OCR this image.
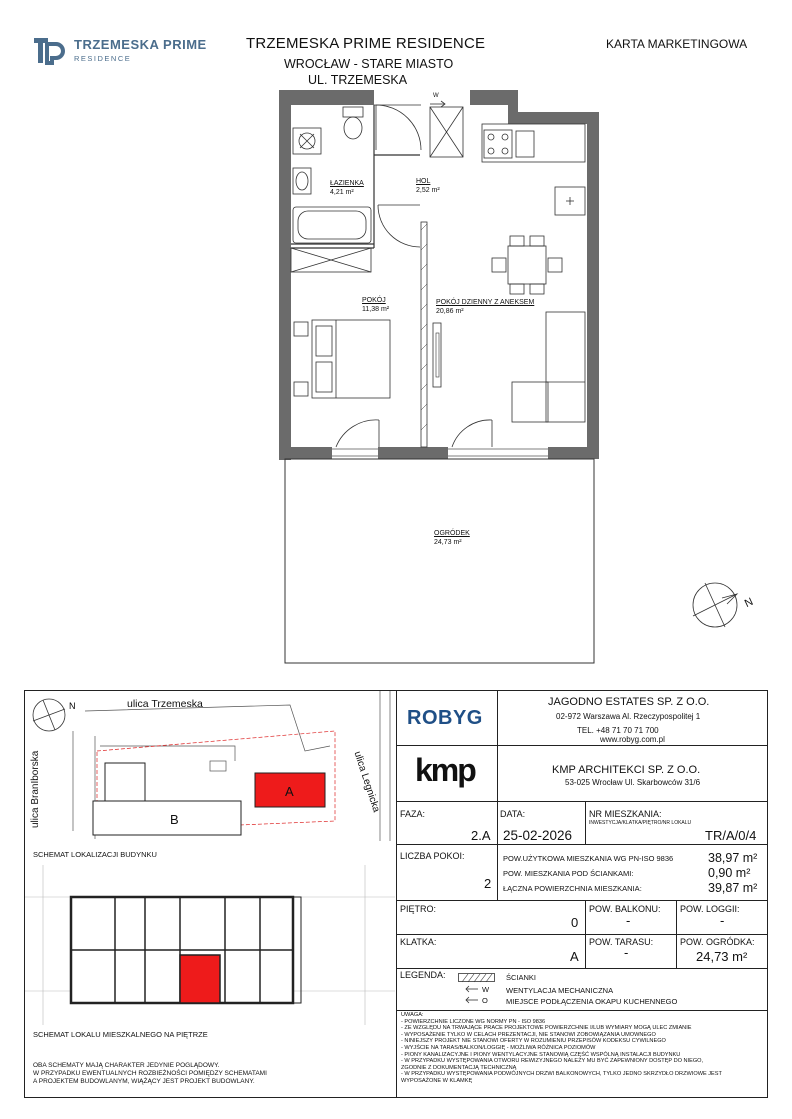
TRZEMESKA PRIME
RESIDENCE
TRZEMESKA PRIME RESIDENCE
WROCŁAW - STARE MIASTO
UL. TRZEMESKA
KARTA MARKETINGOWA
N
W
ŁAZIENKA
4,21 m²
HOL
2,52 m²
POKÓJ
11,38 m²
POKÓJ DZIENNY Z ANEKSEM
20,86 m²
OGRÓDEK
24,73 m²
N	ulica Trzemeska
ulica BranIborska	ulica Legnicka
A
B
SCHEMAT LOKALIZACJI BUDYNKU
SCHEMAT LOKALU MIESZKALNEGO NA PIĘTRZE
OBA SCHEMATY MAJĄ CHARAKTER JEDYNIE POGLĄDOWY.
W PRZYPADKU EWENTUALNYCH ROZBIEŻNOŚCI POMIĘDZY SCHEMATAMI
A PROJEKTEM BUDOWLANYM, WIĄŻĄCY JEST PROJEKT BUDOWLANY.
ROBYG
JAGODNO ESTATES SP. Z O.O.
02-972 Warszawa Al. Rzeczypospolitej 1
TEL. +48 71 70 71 700
www.robyg.com.pl
kmp	KMP ARCHITEKCI SP. Z O.O.
53-025 Wrocław Ul. Skarbowców 31/6
FAZA:
2.A
DATA:
25-02-2026
NR MIESZKANIA:
INWESTYCJA/KLATKA/PIĘTRO/NR LOKALU
TR/A/0/4
LICZBA POKOI:
2
POW.UŻYTKOWA MIESZKANIA WG PN-ISO 9836	38,97 m²
POW. MIESZKANIA POD ŚCIANKAMI:	0,90 m²
ŁĄCZNA POWIERZCHNIA MIESZKANIA:	39,87 m²
PIĘTRO:
0
POW. BALKONU:
-
POW. LOGGII:
-
KLATKA:
A
POW. TARASU:
-
POW. OGRÓDKA:
24,73 m²
LEGENDA:	ŚCIANKI
W WENTYLACJA MECHANICZNA
O MIEJSCE PODŁĄCZENIA OKAPU KUCHENNEGO
UWAGA:
- POWIERZCHNIE LICZONE WG NORMY PN - ISO 9836
- ZE WZGLĘDU NA TRWAJĄCE PRACE PROJEKTOWE POWIERZCHNIE I/LUB WYMIARY MOGĄ ULEC ZMIANIE
- WYPOSAŻENIE TYLKO W CELACH PREZENTACJI, NIE STANOWI ZOBOWIĄZANIA UMOWNEGO
- NINIEJSZY PROJEKT NIE STANOWI OFERTY W ROZUMIENIU PRZEPISÓW KODEKSU CYWILNEGO
- WYJŚCIE NA TARAS/BALKON/LOGGIĘ - MOŻLIWA RÓŻNICA POZIOMÓW
- PIONY KANALIZACYJNE I PIONY WENTYLACYJNE STANOWIĄ CZĘŚĆ WSPÓLNĄ INSTALACJI BUDYNKU
- W PRZYPADKU WYSTĘPOWANIA OTWORU REWIZYJNEGO NALEŻY MU BYĆ ZAPEWNIONY DOSTĘP DO NIEGO,
ZGODNIE Z DOKUMENTACJĄ TECHNICZNĄ
- W PRZYPADKU WYSTĘPOWANIA PODWÓJNYCH DRZWI BALKONOWYCH, TYLKO JEDNO SKRZYDŁO DRZWIOWE JEST
WYPOSAŻONE W KLAMKĘ
